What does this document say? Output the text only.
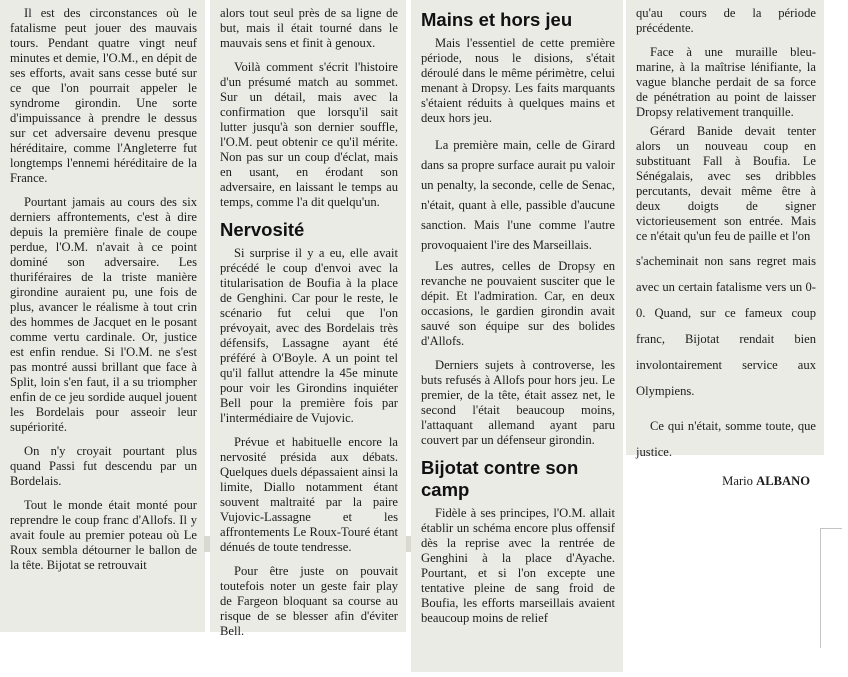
Il est des circonstances où le fatalisme peut jouer des mauvais tours. Pendant quatre vingt neuf minutes et demie, l'O.M., en dépit de ses efforts, avait sans cesse buté sur ce que l'on pourrait appeler le syndrome girondin. Une sorte d'impuissance à prendre le dessus sur cet adversaire devenu presque héréditaire, comme l'Angleterre fut longtemps l'ennemi héréditaire de la France.

Pourtant jamais au cours des six derniers affrontements, c'est à dire depuis la première finale de coupe perdue, l'O.M. n'avait à ce point dominé son adversaire. Les thuriféraires de la triste manière girondine auraient pu, une fois de plus, avancer le réalisme à tout crin des hommes de Jacquet en le posant comme vertu cardinale. Or, justice est enfin rendue. Si l'O.M. ne s'est pas montré aussi brillant que face à Split, loin s'en faut, il a su triompher enfin de ce jeu sordide auquel jouent les Bordelais pour asseoir leur supériorité.

On n'y croyait pourtant plus quand Passi fut descendu par un Bordelais.

Tout le monde était monté pour reprendre le coup franc d'Allofs. Il y avait foule au premier poteau où Le Roux sembla détourner le ballon de la tête. Bijotat se retrouvait

alors tout seul près de sa ligne de but, mais il était tourné dans le mauvais sens et finit à genoux.

Voilà comment s'écrit l'histoire d'un présumé match au sommet. Sur un détail, mais avec la confirmation que lorsqu'il sait lutter jusqu'à son dernier souffle, l'O.M. peut obtenir ce qu'il mérite. Non pas sur un coup d'éclat, mais en usant, en érodant son adversaire, en laissant le temps au temps, comme l'a dit quelqu'un.

Nervosité

Si surprise il y a eu, elle avait précédé le coup d'envoi avec la titularisation de Boufia à la place de Genghini. Car pour le reste, le scénario fut celui que l'on prévoyait, avec des Bordelais très défensifs, Lassagne ayant été préféré à O'Boyle. A un point tel qu'il fallut attendre la 45e minute pour voir les Girondins inquiéter Bell pour la première fois par l'intermédiaire de Vujovic.

Prévue et habituelle encore la nervosité présida aux débats. Quelques duels dépassaient ainsi la limite, Diallo notamment étant souvent maltraité par la paire Vujovic-Lassagne et les affrontements Le Roux-Touré étant dénués de toute tendresse.

Pour être juste on pouvait toutefois noter un geste fair play de Fargeon bloquant sa course au risque de se blesser afin d'éviter Bell.

Mains et hors jeu

Mais l'essentiel de cette première période, nous le disions, s'était déroulé dans le même périmètre, celui menant à Dropsy. Les faits marquants s'étaient réduits à quelques mains et deux hors jeu.

La première main, celle de Girard dans sa propre surface aurait pu valoir un penalty, la seconde, celle de Senac, n'était, quant à elle, passible d'aucune sanction. Mais l'une comme l'autre provoquaient l'ire des Marseillais.

Les autres, celles de Dropsy en revanche ne pouvaient susciter que le dépit. Et l'admiration. Car, en deux occasions, le gardien girondin avait sauvé son équipe sur des bolides d'Allofs.

Derniers sujets à controverse, les buts refusés à Allofs pour hors jeu. Le premier, de la tête, était assez net, le second l'était beaucoup moins, l'attaquant allemand ayant paru couvert par un défenseur girondin.

Bijotat contre son camp

Fidèle à ses principes, l'O.M. allait établir un schéma encore plus offensif dès la reprise avec la rentrée de Genghini à la place d'Ayache. Pourtant, et si l'on excepte une tentative pleine de sang froid de Boufia, les efforts marseillais avaient beaucoup moins de relief

qu'au cours de la période précédente.

Face à une muraille bleu-marine, à la maîtrise lénifiante, la vague blanche perdait de sa force de pénétration au point de laisser Dropsy relativement tranquille.

Gérard Banide devait tenter alors un nouveau coup en substituant Fall à Boufia. Le Sénégalais, avec ses dribbles percutants, devait même être à deux doigts de signer victorieusement son entrée. Mais ce n'était qu'un feu de paille et l'on

s'acheminait non sans regret mais avec un certain fatalisme vers un 0-0. Quand, sur ce fameux coup franc, Bijotat rendait bien involontairement service aux Olympiens.

Ce qui n'était, somme toute, que justice.

Mario ALBANO
